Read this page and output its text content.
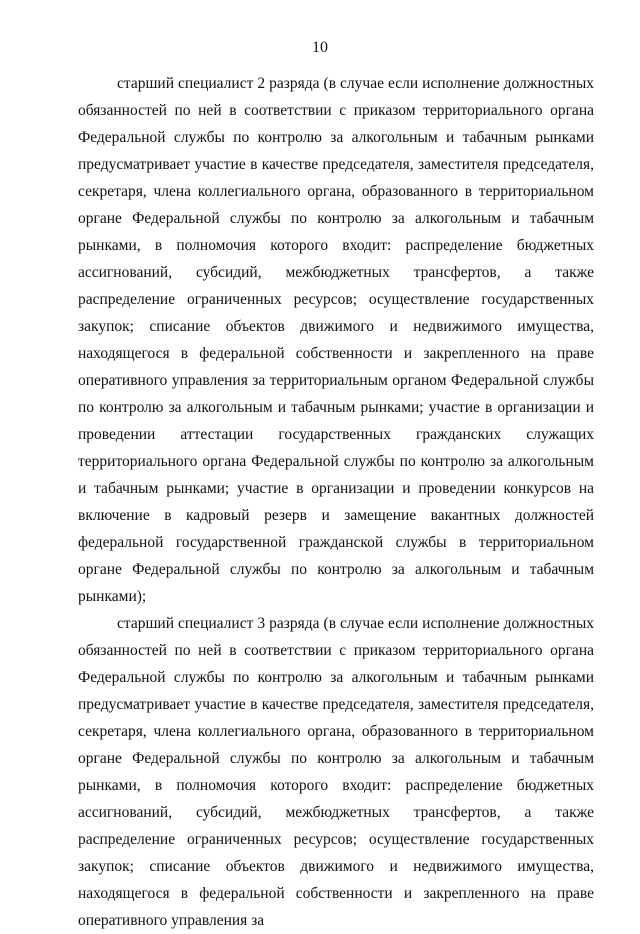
10

старший специалист 2 разряда (в случае если исполнение должностных обязанностей по ней в соответствии с приказом территориального органа Федеральной службы по контролю за алкогольным и табачным рынками предусматривает участие в качестве председателя, заместителя председателя, секретаря, члена коллегиального органа, образованного в территориальном органе Федеральной службы по контролю за алкогольным и табачным рынками, в полномочия которого входит: распределение бюджетных ассигнований, субсидий, межбюджетных трансфертов, а также распределение ограниченных ресурсов; осуществление государственных закупок; списание объектов движимого и недвижимого имущества, находящегося в федеральной собственности и закрепленного на праве оперативного управления за территориальным органом Федеральной службы по контролю за алкогольным и табачным рынками; участие в организации и проведении аттестации государственных гражданских служащих территориального органа Федеральной службы по контролю за алкогольным и табачным рынками; участие в организации и проведении конкурсов на включение в кадровый резерв и замещение вакантных должностей федеральной государственной гражданской службы в территориальном органе Федеральной службы по контролю за алкогольным и табачным рынками);

старший специалист 3 разряда (в случае если исполнение должностных обязанностей по ней в соответствии с приказом территориального органа Федеральной службы по контролю за алкогольным и табачным рынками предусматривает участие в качестве председателя, заместителя председателя, секретаря, члена коллегиального органа, образованного в территориальном органе Федеральной службы по контролю за алкогольным и табачным рынками, в полномочия которого входит: распределение бюджетных ассигнований, субсидий, межбюджетных трансфертов, а также распределение ограниченных ресурсов; осуществление государственных закупок; списание объектов движимого и недвижимого имущества, находящегося в федеральной собственности и закрепленного на праве оперативного управления за
